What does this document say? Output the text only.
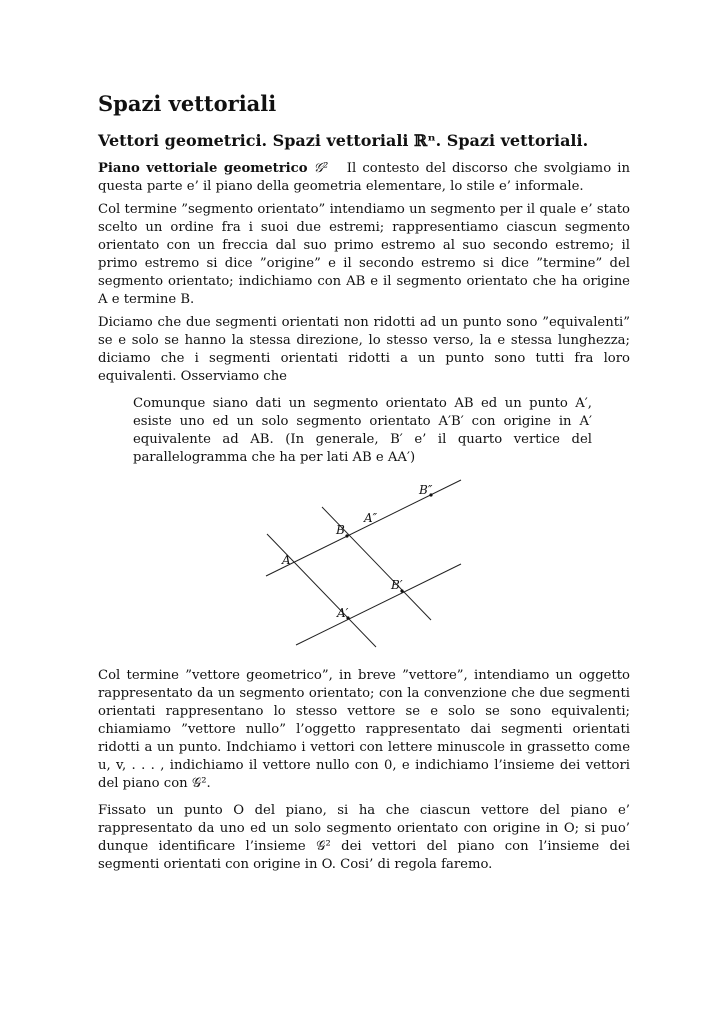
Spazi vettoriali
Vettori geometrici. Spazi vettoriali ℝⁿ. Spazi vettoriali.

Piano vettoriale geometrico 𝒢² Il contesto del discorso che svolgiamo in questa parte e’ il piano della geometria elementare, lo stile e’ informale.

Col termine ”segmento orientato” intendiamo un segmento per il quale e’ stato scelto un ordine fra i suoi due estremi; rappresentiamo ciascun segmento orientato con un freccia dal suo primo estremo al suo secondo estremo; il primo estremo si dice ”origine” e il secondo estremo si dice ”termine” del segmento orientato; indichiamo con AB e il segmento orientato che ha origine A e termine B.

Diciamo che due segmenti orientati non ridotti ad un punto sono ”equivalenti” se e solo se hanno la stessa direzione, lo stesso verso, la e stessa lunghezza; diciamo che i segmenti orientati ridotti a un punto sono tutti fra loro equivalenti. Osserviamo che

Comunque siano dati un segmento orientato AB ed un punto A′, esiste uno ed un solo segmento orientato A′B′ con origine in A′ equivalente ad AB. (In generale, B′ e’ il quarto vertice del parallelogramma che ha per lati AB e AA′)

A
B
A″
B″
B′
A′

Col termine ”vettore geometrico”, in breve ”vettore”, intendiamo un oggetto rappresentato da un segmento orientato; con la convenzione che due segmenti orientati rappresentano lo stesso vettore se e solo se sono equivalenti; chiamiamo ”vettore nullo” l’oggetto rappresentato dai segmenti orientati ridotti a un punto. Indchiamo i vettori con lettere minuscole in grassetto come u, v, . . . , indichiamo il vettore nullo con 0, e indichiamo l’insieme dei vettori del piano con 𝒢².

Fissato un punto O del piano, si ha che ciascun vettore del piano e’ rappresentato da uno ed un solo segmento orientato con origine in O; si puo’ dunque identificare l’insieme 𝒢² dei vettori del piano con l’insieme dei segmenti orientati con origine in O. Cosi’ di regola faremo.
